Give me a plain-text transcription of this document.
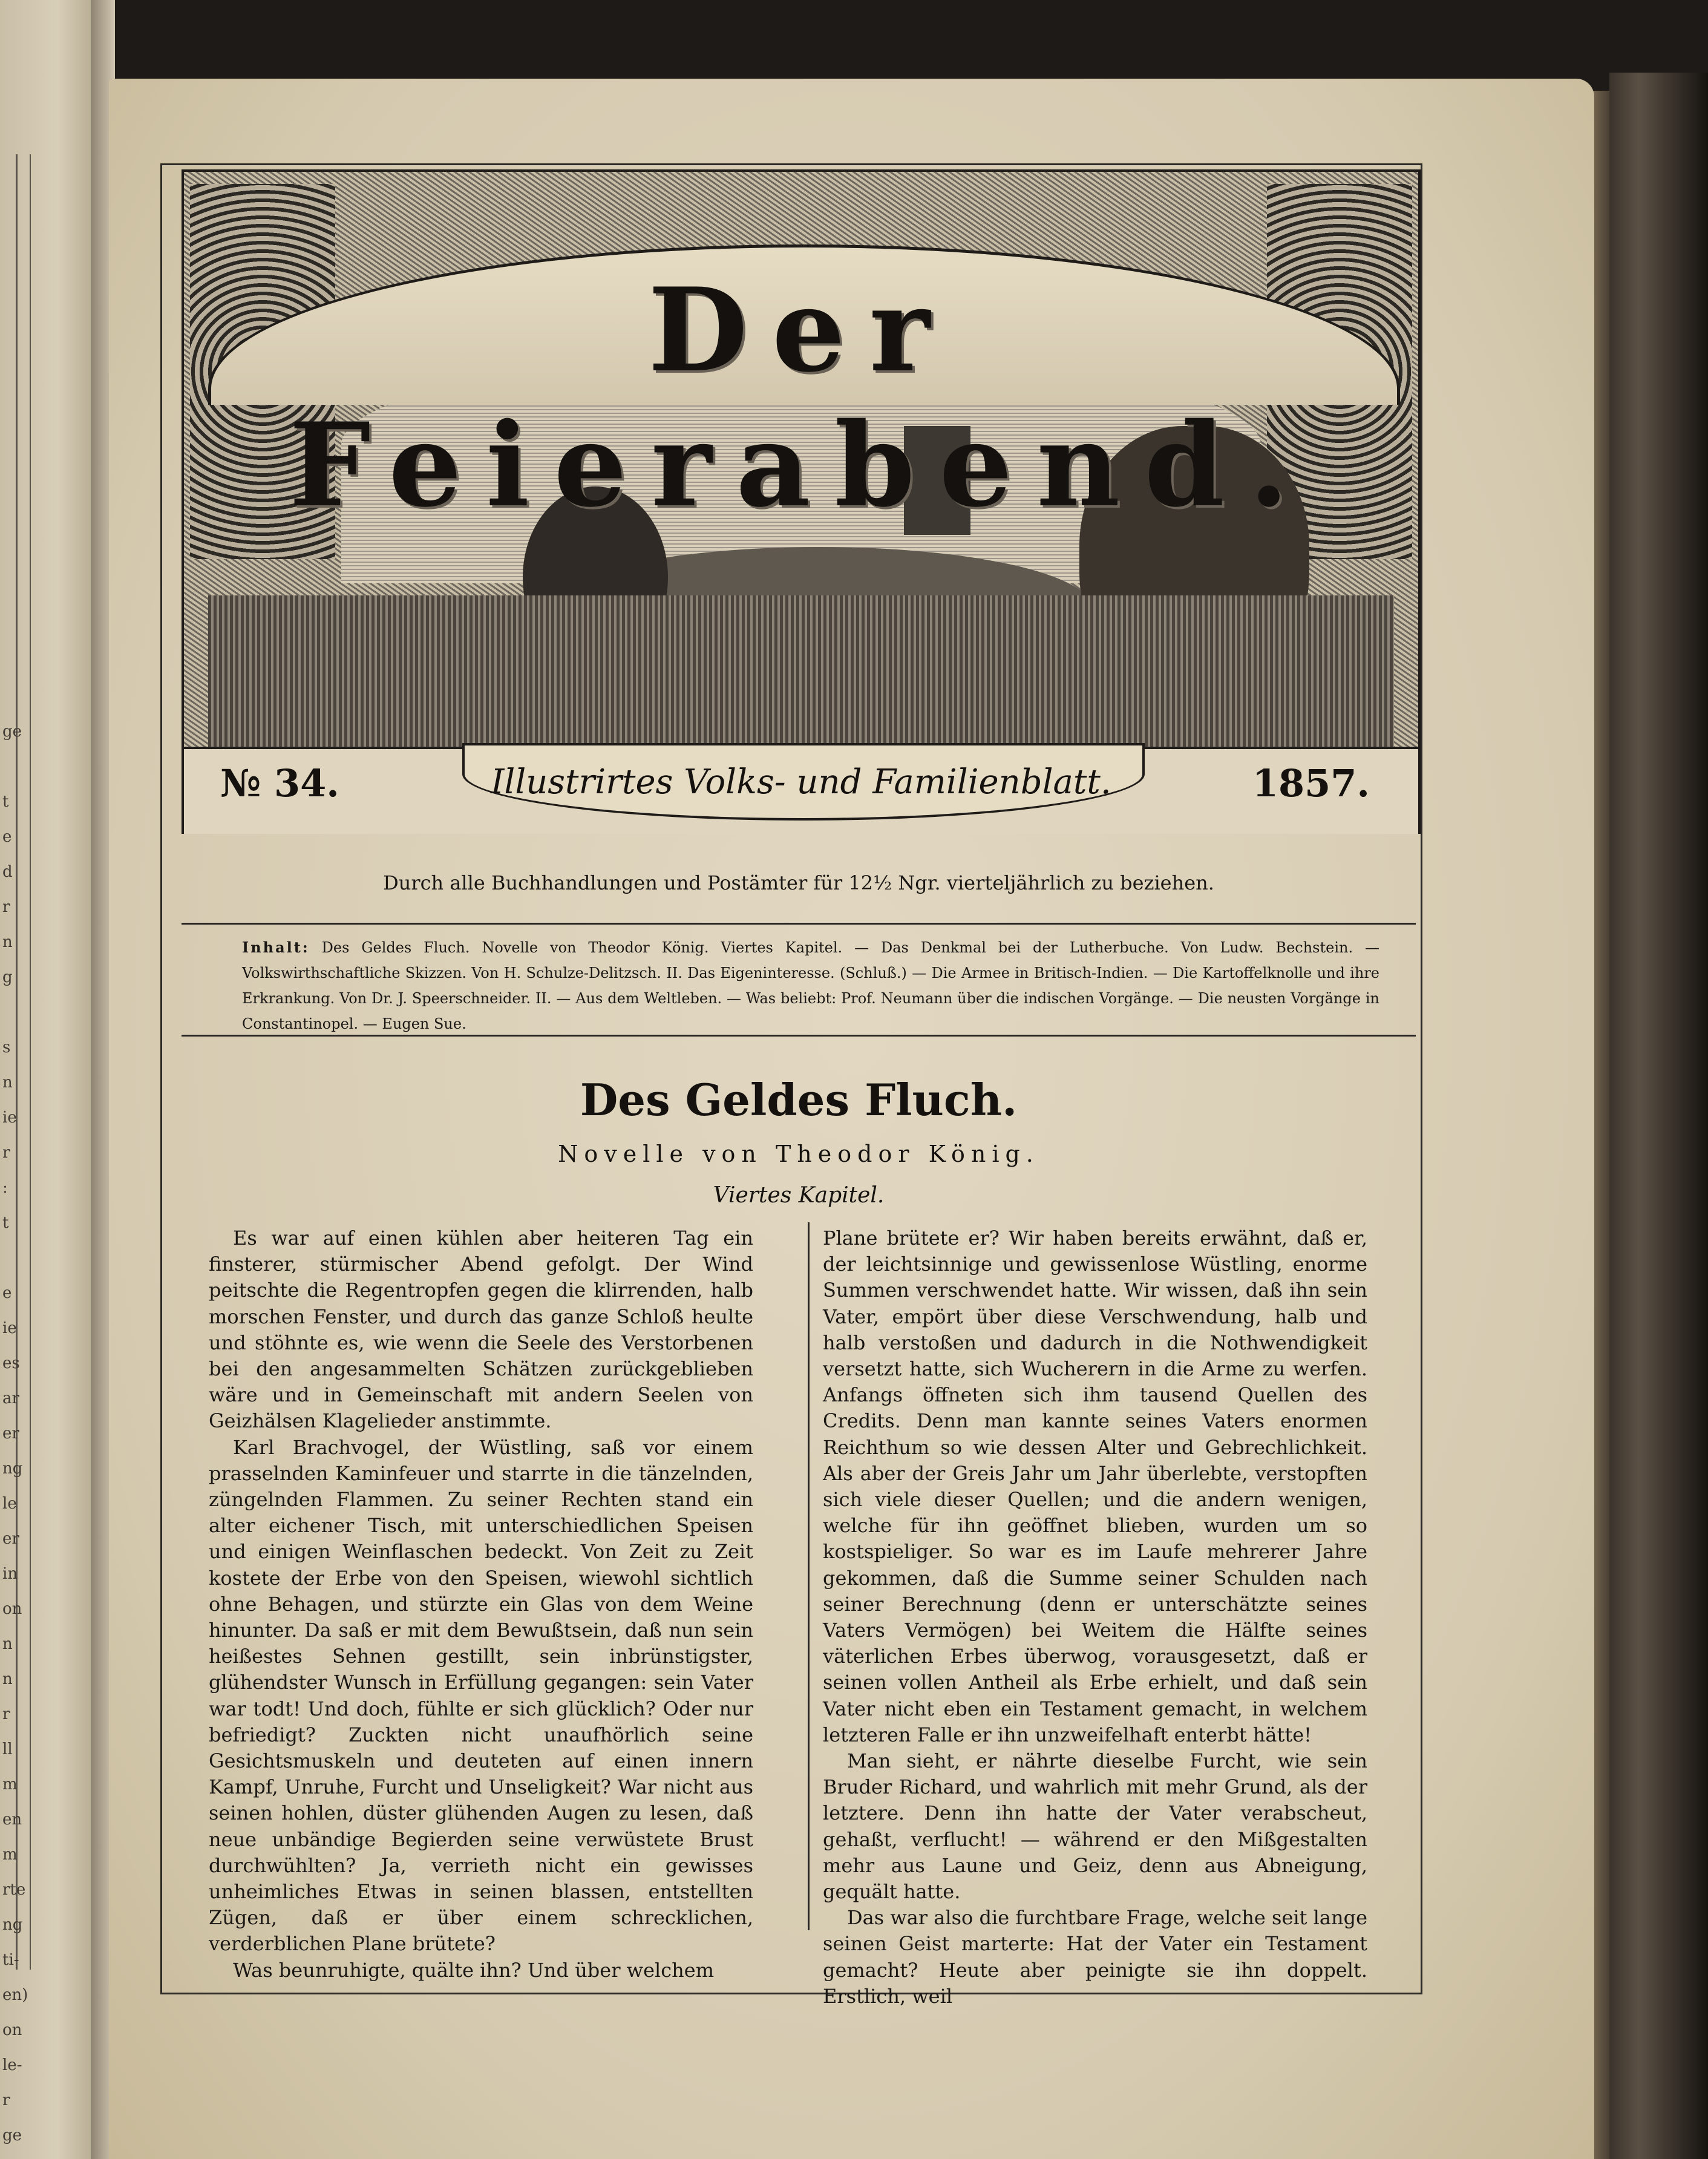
ge

t
e
d
r
n
g

s
n
ie
r
:
t

e
ie
es
ar
er
ng
le
er
in
on
n
n
r
ll
m
en
m
rte
ng
ti-
en)
on
le-
r
ge
Der Feierabend.
№ 34.	Illustrirtes Volks- und Familienblatt.	1857.
Durch alle Buchhandlungen und Postämter für 12½ Ngr. vierteljährlich zu beziehen.
Inhalt: Des Geldes Fluch. Novelle von Theodor König. Viertes Kapitel. — Das Denkmal bei der Lutherbuche. Von Ludw. Bechstein. — Volkswirthschaftliche Skizzen. Von H. Schulze-Delitzsch. II. Das Eigeninteresse. (Schluß.) — Die Armee in Britisch-Indien. — Die Kartoffelknolle und ihre Erkrankung. Von Dr. J. Speerschneider. II. — Aus dem Weltleben. — Was beliebt: Prof. Neumann über die indischen Vorgänge. — Die neusten Vorgänge in Constantinopel. — Eugen Sue.
Des Geldes Fluch.
Novelle von Theodor König.
Viertes Kapitel.

Es war auf einen kühlen aber heiteren Tag ein finsterer, stürmischer Abend gefolgt. Der Wind peitschte die Regentropfen gegen die klirrenden, halb morschen Fenster, und durch das ganze Schloß heulte und stöhnte es, wie wenn die Seele des Verstorbenen bei den angesammelten Schätzen zurückgeblieben wäre und in Gemeinschaft mit andern Seelen von Geizhälsen Klagelieder anstimmte.

Karl Brachvogel, der Wüstling, saß vor einem prasselnden Kaminfeuer und starrte in die tänzelnden, züngelnden Flammen. Zu seiner Rechten stand ein alter eichener Tisch, mit unterschiedlichen Speisen und einigen Weinflaschen bedeckt. Von Zeit zu Zeit kostete der Erbe von den Speisen, wiewohl sichtlich ohne Behagen, und stürzte ein Glas von dem Weine hinunter. Da saß er mit dem Bewußtsein, daß nun sein heißestes Sehnen gestillt, sein inbrünstigster, glühendster Wunsch in Erfüllung gegangen: sein Vater war todt! Und doch, fühlte er sich glücklich? Oder nur befriedigt? Zuckten nicht unaufhörlich seine Gesichtsmuskeln und deuteten auf einen innern Kampf, Unruhe, Furcht und Unseligkeit? War nicht aus seinen hohlen, düster glühenden Augen zu lesen, daß neue unbändige Begierden seine verwüstete Brust durchwühlten? Ja, verrieth nicht ein gewisses unheimliches Etwas in seinen blassen, entstellten Zügen, daß er über einem schrecklichen, verderblichen Plane brütete?

Was beunruhigte, quälte ihn? Und über welchem

Plane brütete er? Wir haben bereits erwähnt, daß er, der leichtsinnige und gewissenlose Wüstling, enorme Summen verschwendet hatte. Wir wissen, daß ihn sein Vater, empört über diese Verschwendung, halb und halb verstoßen und dadurch in die Nothwendigkeit versetzt hatte, sich Wucherern in die Arme zu werfen. Anfangs öffneten sich ihm tausend Quellen des Credits. Denn man kannte seines Vaters enormen Reichthum so wie dessen Alter und Gebrechlichkeit. Als aber der Greis Jahr um Jahr überlebte, verstopften sich viele dieser Quellen; und die andern wenigen, welche für ihn geöffnet blieben, wurden um so kostspieliger. So war es im Laufe mehrerer Jahre gekommen, daß die Summe seiner Schulden nach seiner Berechnung (denn er unterschätzte seines Vaters Vermögen) bei Weitem die Hälfte seines väterlichen Erbes überwog, vorausgesetzt, daß er seinen vollen Antheil als Erbe erhielt, und daß sein Vater nicht eben ein Testament gemacht, in welchem letzteren Falle er ihn unzweifelhaft enterbt hätte!

Man sieht, er nährte dieselbe Furcht, wie sein Bruder Richard, und wahrlich mit mehr Grund, als der letztere. Denn ihn hatte der Vater verabscheut, gehaßt, verflucht! — während er den Mißgestalten mehr aus Laune und Geiz, denn aus Abneigung, gequält hatte.

Das war also die furchtbare Frage, welche seit lange seinen Geist marterte: Hat der Vater ein Testament gemacht? Heute aber peinigte sie ihn doppelt. Erstlich, weil
